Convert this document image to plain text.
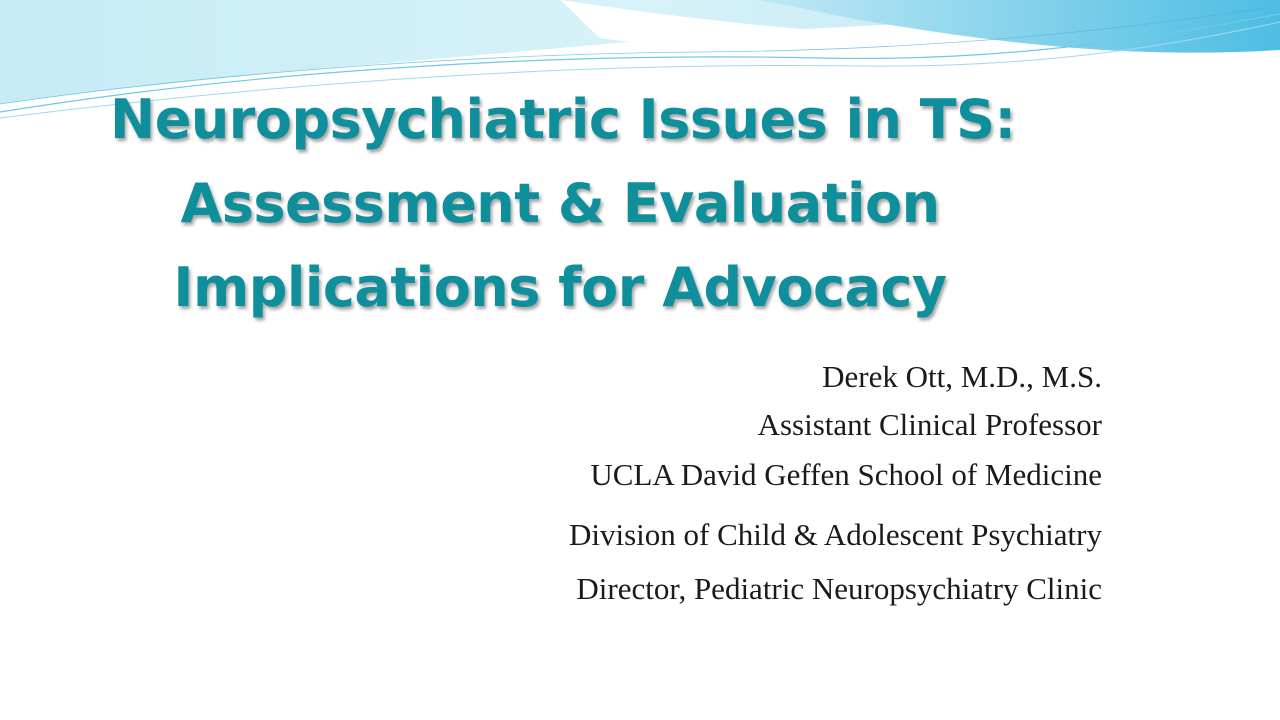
Neuropsychiatric Issues in TS:
Assessment & Evaluation
Implications for Advocacy
Derek Ott, M.D., M.S.
Assistant Clinical Professor
UCLA David Geffen School of Medicine
Division of Child & Adolescent Psychiatry
Director, Pediatric Neuropsychiatry Clinic
